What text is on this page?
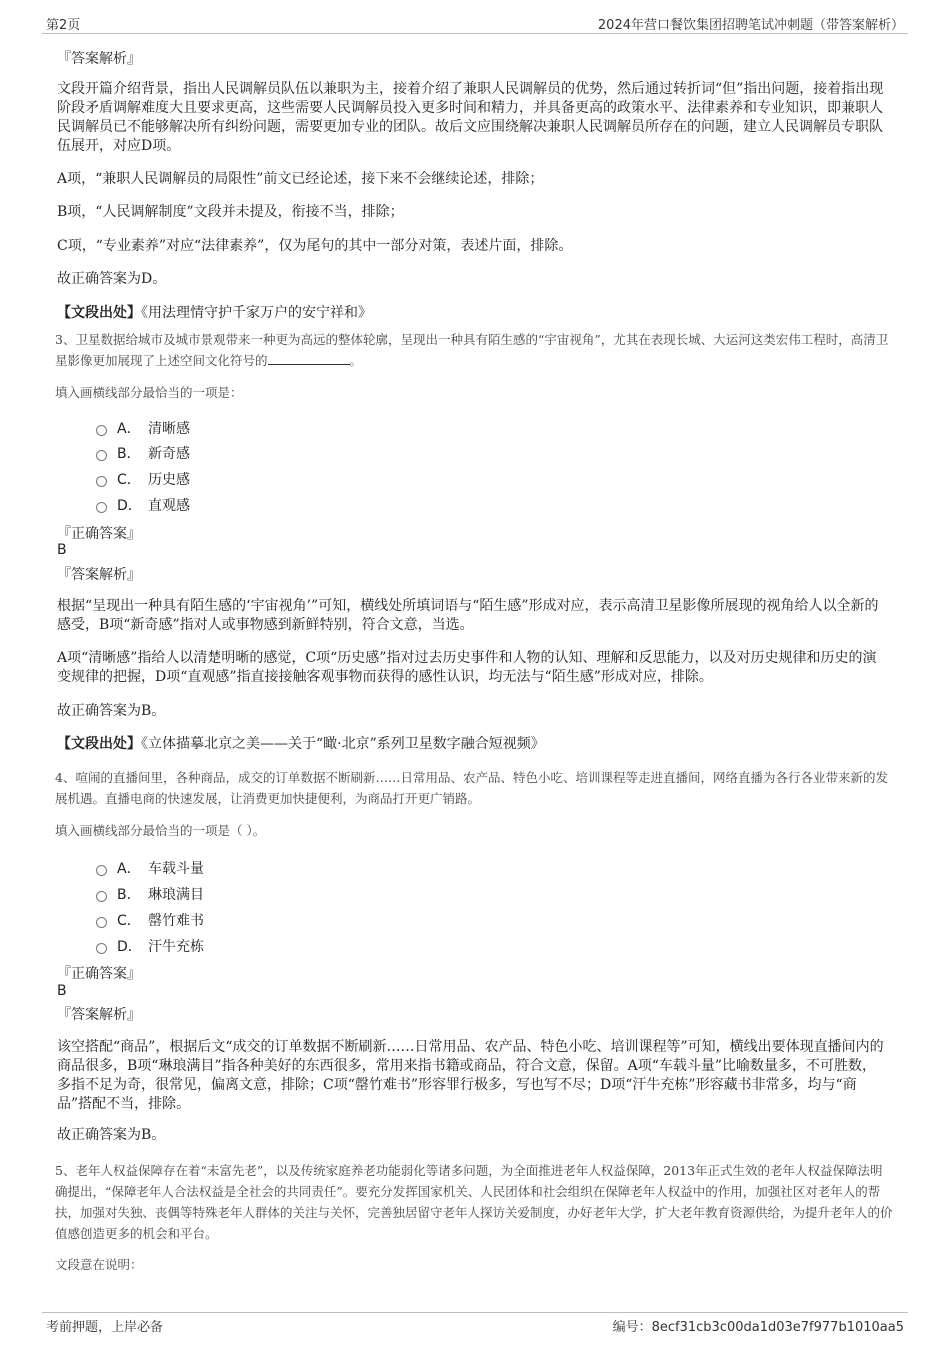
第2页	2024年营口餐饮集团招聘笔试冲刺题（带答案解析）
『答案解析』
文段开篇介绍背景，指出人民调解员队伍以兼职为主，接着介绍了兼职人民调解员的优势，然后通过转折词“但”指出问题，接着指出现阶段矛盾调解难度大且要求更高，这些需要人民调解员投入更多时间和精力，并具备更高的政策水平、法律素养和专业知识，即兼职人民调解员已不能够解决所有纠纷问题，需要更加专业的团队。故后文应围绕解决兼职人民调解员所存在的问题，建立人民调解员专职队伍展开，对应D项。
A项，“兼职人民调解员的局限性”前文已经论述，接下来不会继续论述，排除；
B项，“人民调解制度”文段并未提及，衔接不当，排除；
C项，“专业素养”对应“法律素养”，仅为尾句的其中一部分对策，表述片面，排除。
故正确答案为D。
【文段出处】《用法理情守护千家万户的安宁祥和》
3、卫星数据给城市及城市景观带来一种更为高远的整体轮廓，呈现出一种具有陌生感的“宇宙视角”，尤其在表现长城、大运河这类宏伟工程时，高清卫星影像更加展现了上述空间文化符号的	。
填入画横线部分最恰当的一项是：
A． 清晰感
B． 新奇感
C． 历史感
D． 直观感
『正确答案』
B
『答案解析』
根据“呈现出一种具有陌生感的‘宇宙视角’”可知，横线处所填词语与“陌生感”形成对应，表示高清卫星影像所展现的视角给人以全新的感受，B项“新奇感”指对人或事物感到新鲜特别，符合文意，当选。
A项“清晰感”指给人以清楚明晰的感觉，C项“历史感”指对过去历史事件和人物的认知、理解和反思能力，以及对历史规律和历史的演变规律的把握，D项“直观感”指直接接触客观事物而获得的感性认识，均无法与“陌生感”形成对应，排除。
故正确答案为B。
【文段出处】《立体描摹北京之美——关于“瞰·北京”系列卫星数字融合短视频》
4、喧闹的直播间里，各种商品，成交的订单数据不断刷新……日常用品、农产品、特色小吃、培训课程等走进直播间，网络直播为各行各业带来新的发展机遇。直播电商的快速发展，让消费更加快捷便利，为商品打开更广销路。
填入画横线部分最恰当的一项是（ ）。
A． 车载斗量
B． 琳琅满目
C． 罄竹难书
D． 汗牛充栋
『正确答案』
B
『答案解析』
该空搭配“商品”，根据后文“成交的订单数据不断刷新……日常用品、农产品、特色小吃、培训课程等”可知，横线出要体现直播间内的商品很多，B项“琳琅满目”指各种美好的东西很多，常用来指书籍或商品，符合文意，保留。A项“车载斗量”比喻数量多，不可胜数，多指不足为奇，很常见，偏离文意，排除；C项“罄竹难书”形容罪行极多，写也写不尽；D项“汗牛充栋”形容藏书非常多，均与“商品”搭配不当，排除。
故正确答案为B。
5、老年人权益保障存在着“未富先老”，以及传统家庭养老功能弱化等诸多问题，为全面推进老年人权益保障，2013年正式生效的老年人权益保障法明确提出，“保障老年人合法权益是全社会的共同责任”。要充分发挥国家机关、人民团体和社会组织在保障老年人权益中的作用，加强社区对老年人的帮扶，加强对失独、丧偶等特殊老年人群体的关注与关怀，完善独居留守老年人探访关爱制度，办好老年大学，扩大老年教育资源供给，为提升老年人的价值感创造更多的机会和平台。
文段意在说明：
考前押题，上岸必备	编号：8ecf31cb3c00da1d03e7f977b1010aa5
